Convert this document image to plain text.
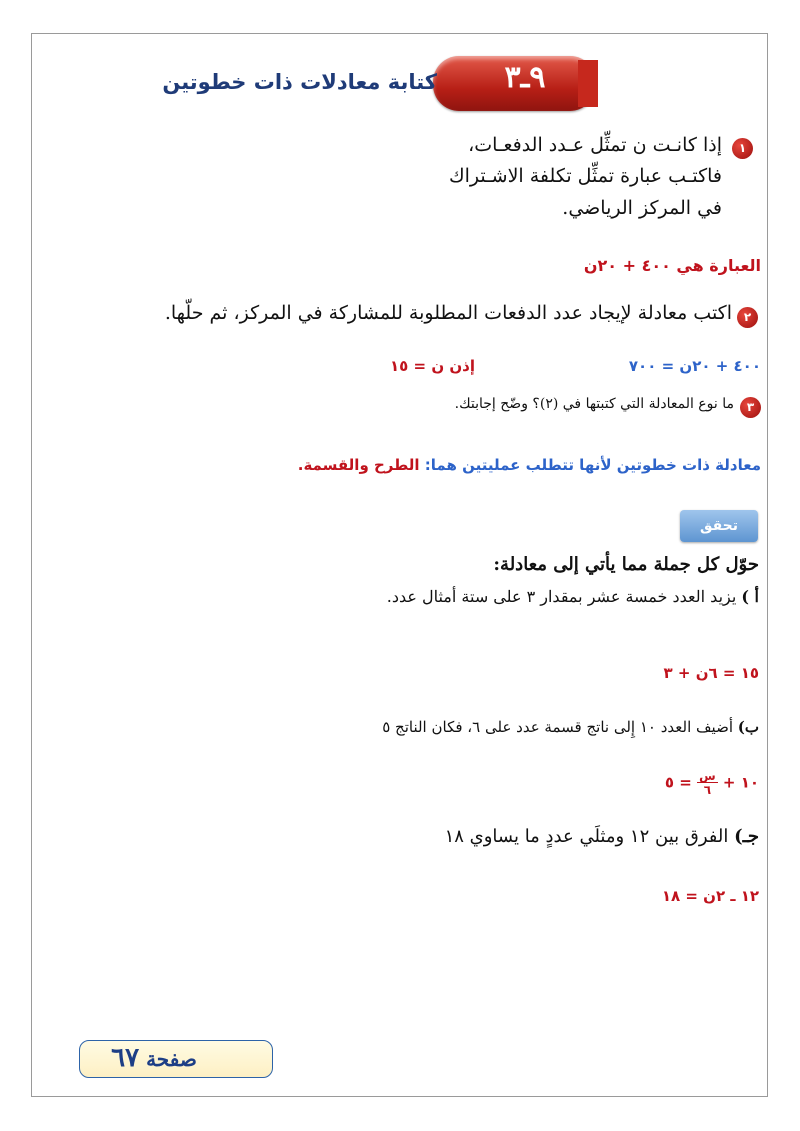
٩ـ٣
كتابة معادلات ذات خطوتين
١
إذا كانـت ن تمثِّل عـدد الدفعـات،
فاكتـب عبارة تمثِّل تكلفة الاشـتراك
في المركز الرياضي.
العبارة هي ٤٠٠ + ٢٠ن
٢
اكتب معادلة لإيجاد عدد الدفعات المطلوبة للمشاركة في المركز، ثم حلّها.
٤٠٠ + ٢٠ن = ٧٠٠
إذن ن = ١٥
٣
ما نوع المعادلة التي كتبتها في (٢)؟ وضّح إجابتك.
معادلة ذات خطوتين لأنها تتطلب عمليتين هما: الطرح والقسمة.
تحقق
حوّل كل جملة مما يأتي إلى معادلة:
أ ) يزيد العدد خمسة عشر بمقدار ٣ على ستة أمثال عدد.
١٥ = ٦ن + ٣
ب) أضيف العدد ١٠ إِلى ناتج قسمة عدد على ٦، فكان الناتج ٥
١٠ +
$\frac{\text{س}}{٦}$
= ٥
جـ) الفرق بين ١٢ ومثلَي عددٍ ما يساوي ١٨
١٢ ـ ٢ن = ١٨
صفحة ٦٧
